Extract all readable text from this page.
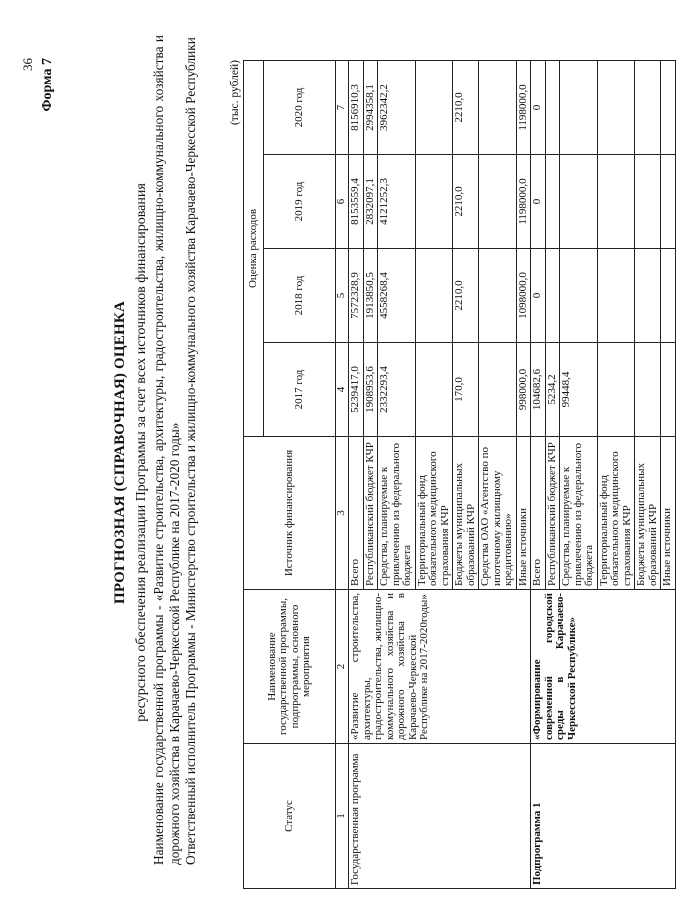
36 Форма 7
ПРОГНОЗНАЯ (СПРАВОЧНАЯ) ОЦЕНКА ресурсного обеспечения реализации Программы за счет всех источников финансирования Наименование государственной программы - «Развитие строительства, архитектуры, градостроительства, жилищно-коммунального хозяйства и дорожного хозяйства в Карачаево-Черкесской Республике на 2017-2020 годы» Ответственный исполнитель Программы - Министерство строительства и жилищно-коммунального хозяйства Карачаево-Черкесской Республики	(тыс. рублей)
Статус	Наименование государственной программы, подпрограммы, основного мероприятия	Источник финансирования	Оценка расходов			
			2017 год	2018 год	2019 год	2020 год
1	2	3	4	5	6	7
Государственная программа	«Развитие строительства, архитектуры, градостроительства, жилищно-коммунального хозяйства и дорожного хозяйства в Карачаево-Черкесской Республике на 2017-2020годы»	Всего	5239417,0	7572328,9	8153559,4	8156910,3
		Республиканский бюджет КЧР	1908953,6	1913850,5	2832097,1	2994358,1
		Средства, планируемые к привлечению из федерального бюджета	2332293,4	4558268,4	4121252,3	3962342,2
		Территориальный фонд обязательного медицинского страхования КЧР				
		Бюджеты муниципальных образований КЧР	170,0	2210,0	2210,0	2210,0
		Средства ОАО «Агентство по ипотечному жилищному кредитованию»				
		Иные источники	998000,0	1098000,0	1198000,0	1198000,0
Подпрограмма 1	«Формирование современной городской среды в Карачаево-Черкесской Республике»	Всего	104682,6	0	0	0
		Республиканский бюджет КЧР	5234,2			
		Средства, планируемые к привлечению из федерального бюджета	99448,4			
		Территориальный фонд обязательного медицинского страхования КЧР				
		Бюджеты муниципальных образований КЧР				
		Иные источники				
